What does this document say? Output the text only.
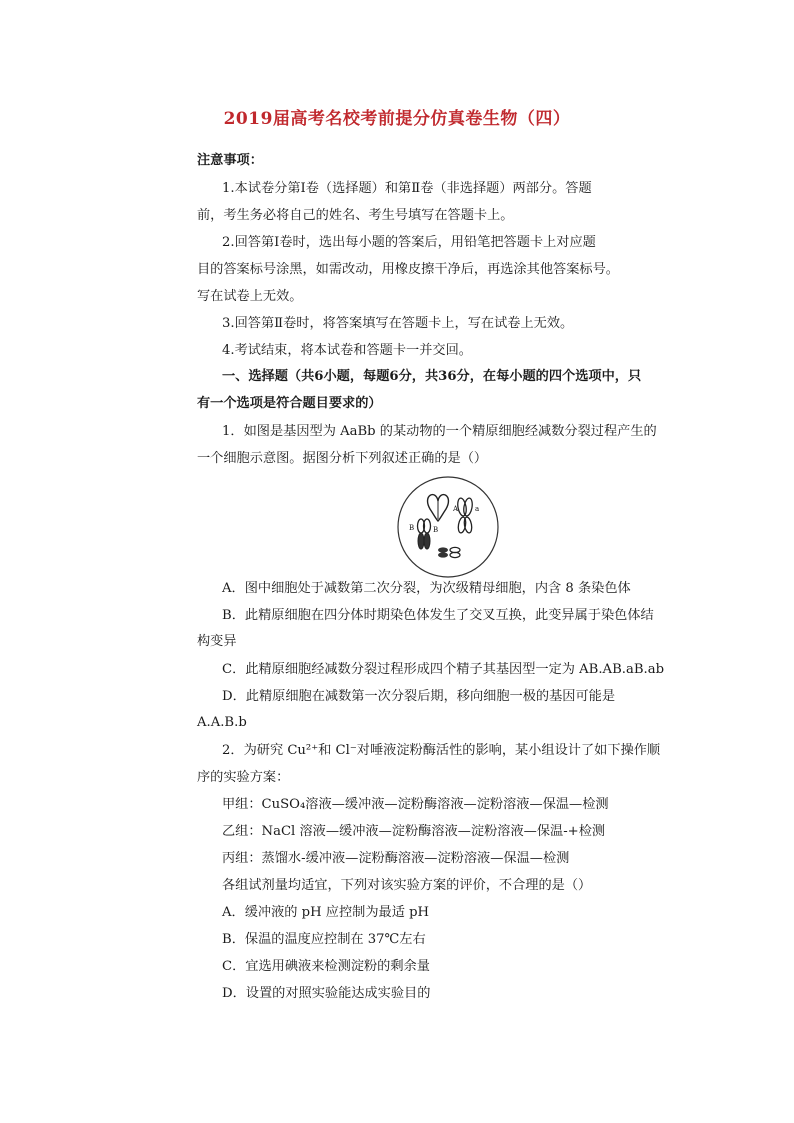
2019届高考名校考前提分仿真卷生物（四）
注意事项：
1.本试卷分第Ⅰ卷（选择题）和第Ⅱ卷（非选择题）两部分。答题
前，考生务必将自己的姓名、考生号填写在答题卡上。
2.回答第Ⅰ卷时，选出每小题的答案后，用铅笔把答题卡上对应题
目的答案标号涂黑，如需改动，用橡皮擦干净后，再选涂其他答案标号。
写在试卷上无效。
3.回答第Ⅱ卷时，将答案填写在答题卡上，写在试卷上无效。
4.考试结束，将本试卷和答题卡一并交回。
一、选择题（共6小题，每题6分，共36分，在每小题的四个选项中，只
有一个选项是符合题目要求的）
1．如图是基因型为 AaBb 的某动物的一个精原细胞经减数分裂过程产生的
一个细胞示意图。据图分析下列叙述正确的是（）
A a
B	B
A．图中细胞处于减数第二次分裂，为次级精母细胞，内含 8 条染色体
B．此精原细胞在四分体时期染色体发生了交叉互换，此变异属于染色体结
构变异
C．此精原细胞经减数分裂过程形成四个精子其基因型一定为 AB.AB.aB.ab
D．此精原细胞在减数第一次分裂后期，移向细胞一极的基因可能是
A.A.B.b
2．为研究 Cu²⁺和 Cl⁻对唾液淀粉酶活性的影响，某小组设计了如下操作顺
序的实验方案：
甲组：CuSO₄溶液—缓冲液—淀粉酶溶液—淀粉溶液—保温—检测
乙组：NaCl 溶液—缓冲液—淀粉酶溶液—淀粉溶液—保温-+检测
丙组：蒸馏水-缓冲液—淀粉酶溶液—淀粉溶液—保温—检测
各组试剂量均适宜，下列对该实验方案的评价，不合理的是（）
A．缓冲液的 pH 应控制为最适 pH
B．保温的温度应控制在 37℃左右
C．宜选用碘液来检测淀粉的剩余量
D．设置的对照实验能达成实验目的
